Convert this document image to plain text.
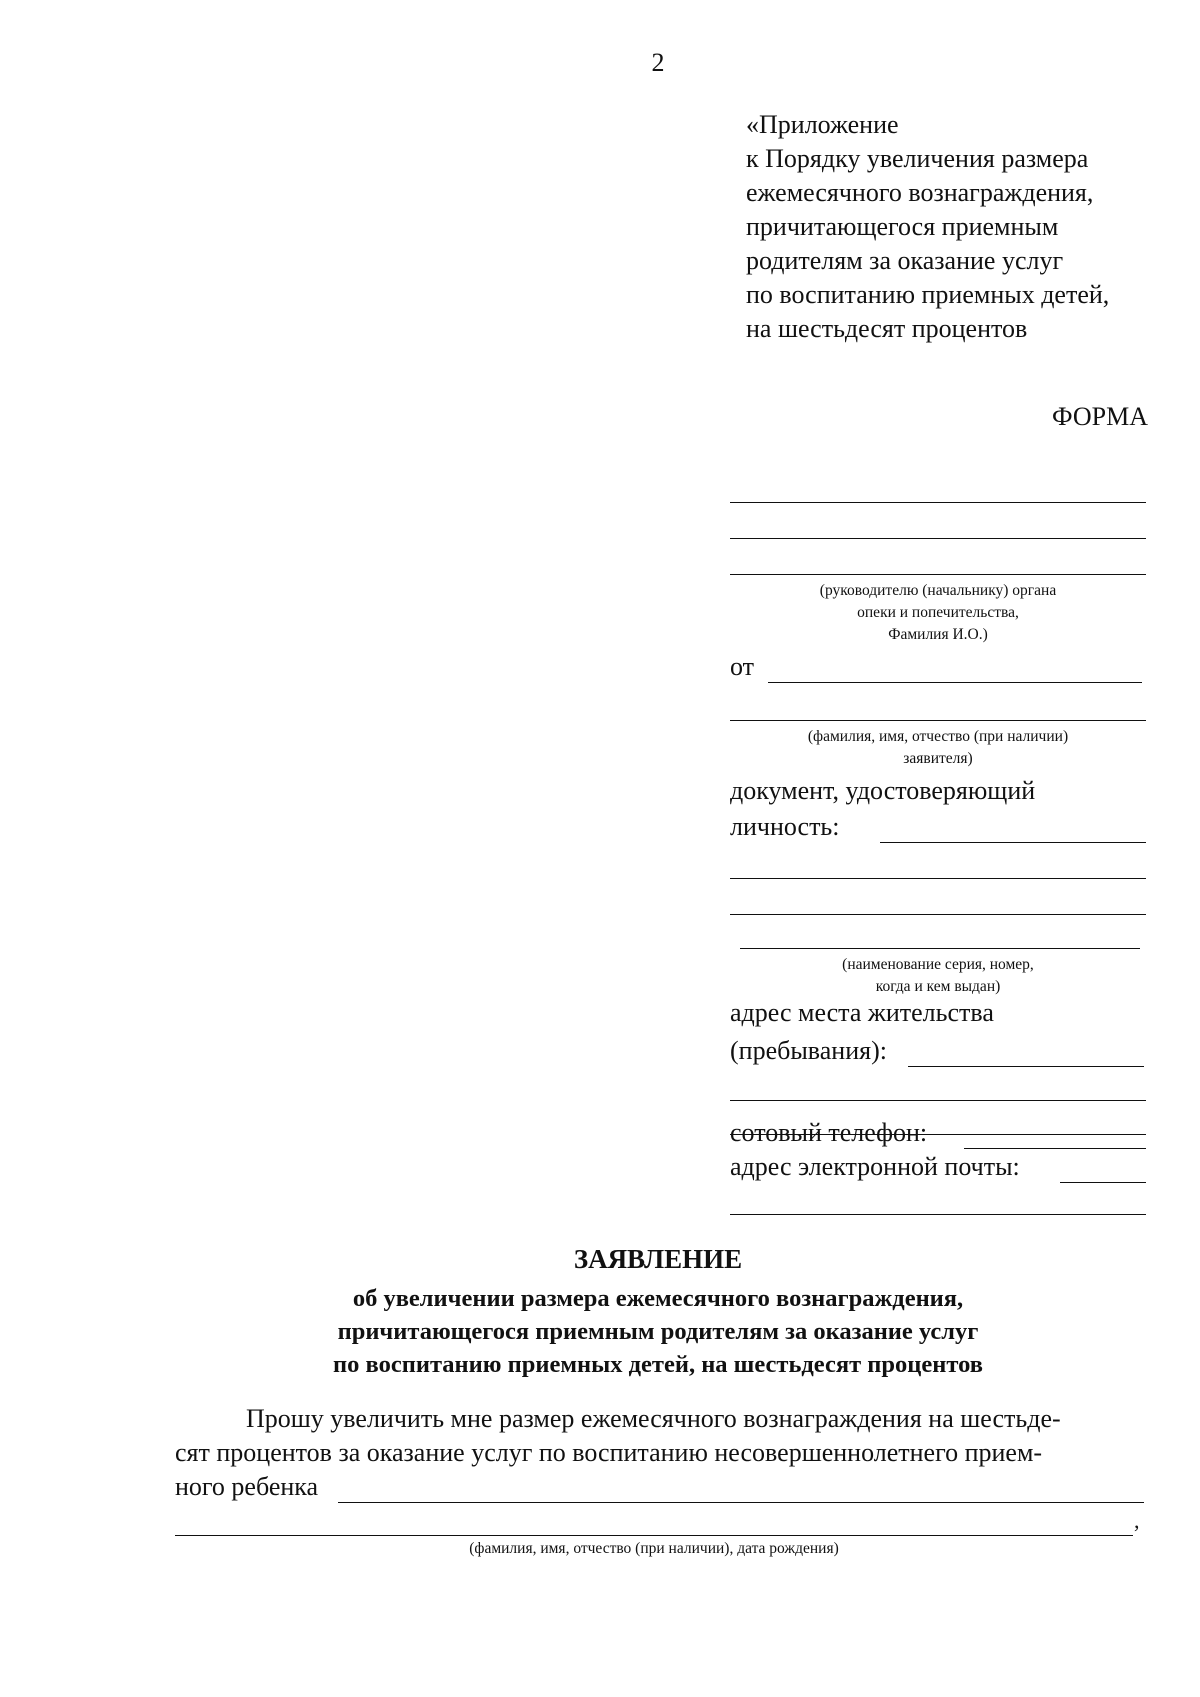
2
«Приложение
к Порядку увеличения размера
ежемесячного вознаграждения,
причитающегося приемным
родителям за оказание услуг
по воспитанию приемных детей,
на шестьдесят процентов
ФОРМА
(руководителю (начальнику) органа
опеки и попечительства,
Фамилия И.О.)
от
(фамилия, имя, отчество (при наличии)
заявителя)
документ, удостоверяющий
личность:
(наименование серия, номер,
когда и кем выдан)
адрес места жительства
(пребывания):
сотовый телефон:
адрес электронной почты:
ЗАЯВЛЕНИЕ
об увеличении размера ежемесячного вознаграждения,
причитающегося приемным родителям за оказание услуг
по воспитанию приемных детей, на шестьдесят процентов
Прошу увеличить мне размер ежемесячного вознаграждения на шестьде-
сят процентов за оказание услуг по воспитанию несовершеннолетнего прием-
ного ребенка
,
(фамилия, имя, отчество (при наличии), дата рождения)
